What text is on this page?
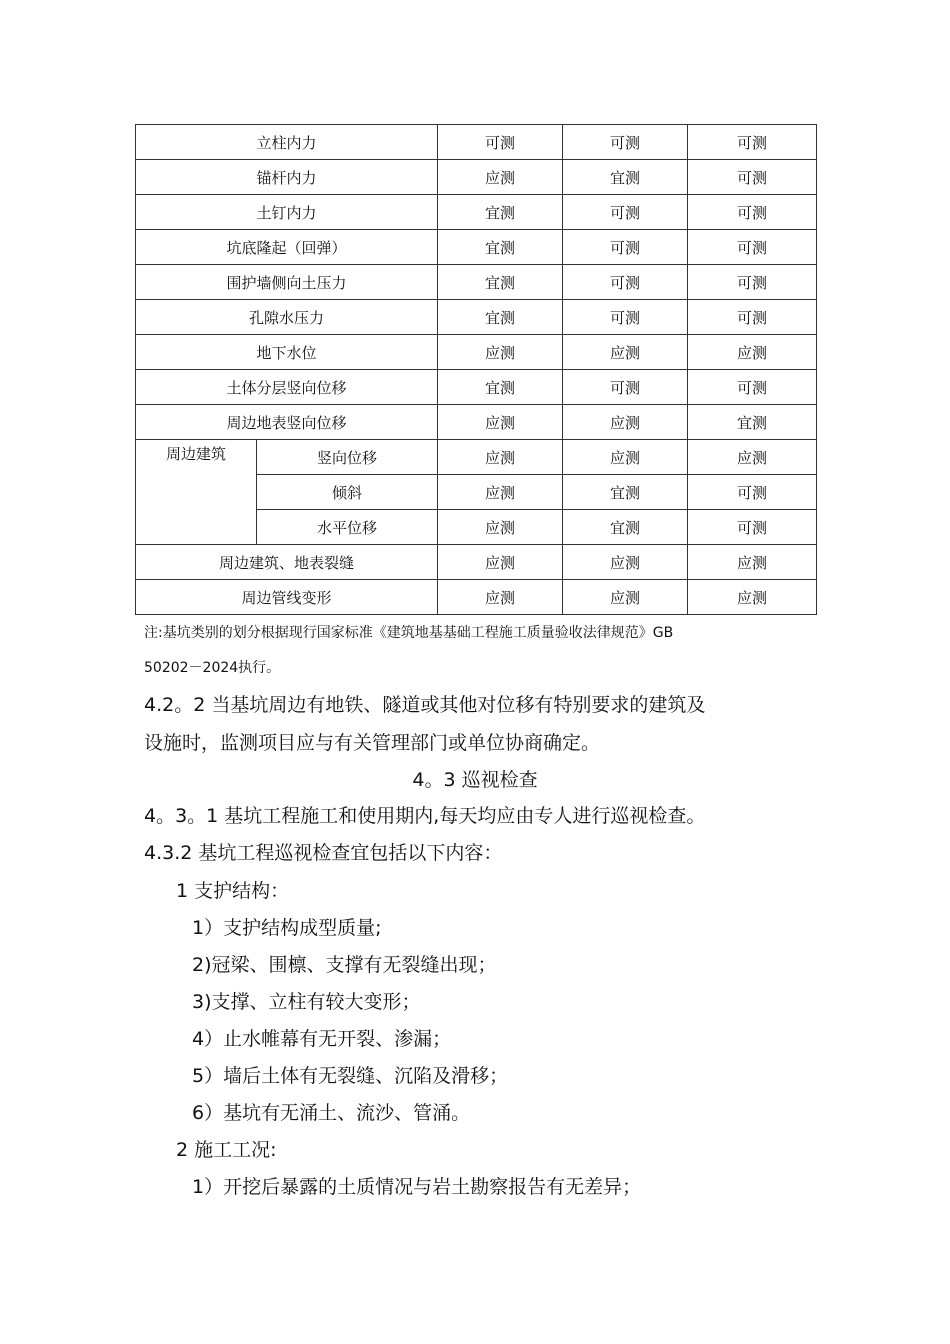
立柱内力		可测	可测	可测
锚杆内力		应测	宜测	可测
土钉内力		宜测	可测	可测
坑底隆起（回弹）		宜测	可测	可测
围护墙侧向土压力		宜测	可测	可测
孔隙水压力		宜测	可测	可测
地下水位		应测	应测	应测
土体分层竖向位移		宜测	可测	可测
周边地表竖向位移		应测	应测	宜测
周边建筑	竖向位移	应测	应测	应测
	倾斜	应测	宜测	可测
	水平位移	应测	宜测	可测
周边建筑、地表裂缝		应测	应测	应测
周边管线变形		应测	应测	应测
注:基坑类别的划分根据现行国家标准《建筑地基基础工程施工质量验收法律规范》GB
50202－2024执行。
4.2。2 当基坑周边有地铁、隧道或其他对位移有特别要求的建筑及
设施时，监测项目应与有关管理部门或单位协商确定。
4。3 巡视检查
4。3。1 基坑工程施工和使用期内,每天均应由专人进行巡视检查。
4.3.2 基坑工程巡视检查宜包括以下内容：
1 支护结构：
1）支护结构成型质量;
2)冠梁、围檩、支撑有无裂缝出现；
3)支撑、立柱有较大变形；
4）止水帷幕有无开裂、渗漏；
5）墙后土体有无裂缝、沉陷及滑移；
6）基坑有无涌土、流沙、管涌。
2 施工工况:
1）开挖后暴露的土质情况与岩土勘察报告有无差异；
